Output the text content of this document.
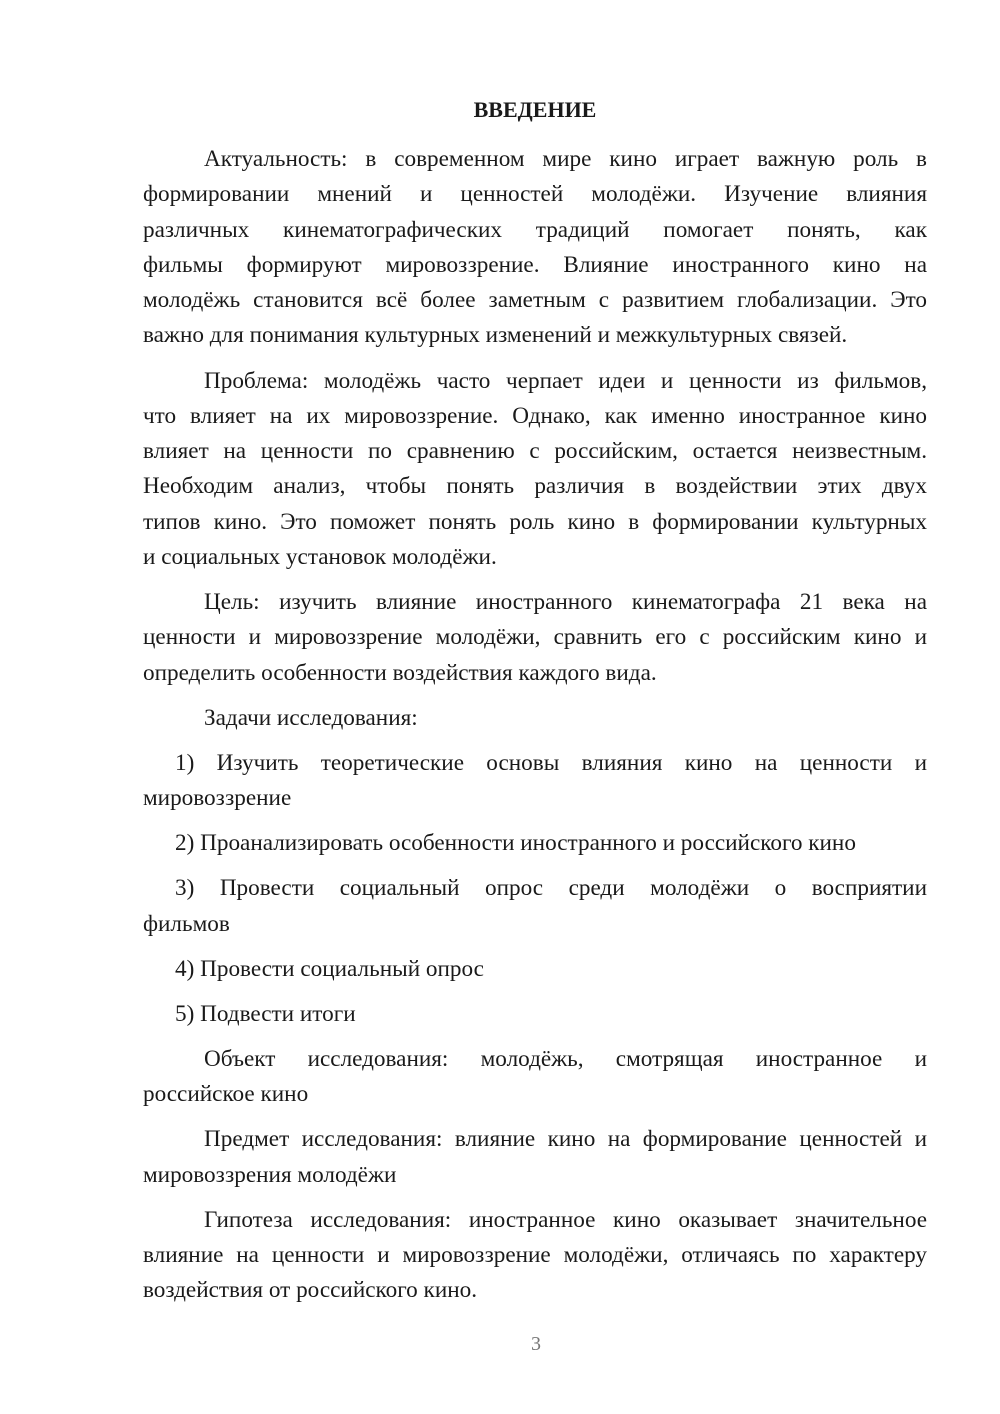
ВВЕДЕНИЕ
Актуальность: в современном мире кино играет важную роль в
формировании мнений и ценностей молодёжи. Изучение влияния
различных кинематографических традиций помогает понять, как
фильмы формируют мировоззрение. Влияние иностранного кино на
молодёжь становится всё более заметным с развитием глобализации. Это
важно для понимания культурных изменений и межкультурных связей.
Проблема: молодёжь часто черпает идеи и ценности из фильмов,
что влияет на их мировоззрение. Однако, как именно иностранное кино
влияет на ценности по сравнению с российским, остается неизвестным.
Необходим анализ, чтобы понять различия в воздействии этих двух
типов кино. Это поможет понять роль кино в формировании культурных
и социальных установок молодёжи.
Цель: изучить влияние иностранного кинематографа 21 века на
ценности и мировоззрение молодёжи, сравнить его с российским кино и
определить особенности воздействия каждого вида.
Задачи исследования:
1) Изучить теоретические основы влияния кино на ценности и
мировоззрение
2) Проанализировать особенности иностранного и российского кино
3) Провести социальный опрос среди молодёжи о восприятии
фильмов
4) Провести социальный опрос
5) Подвести итоги
Объект исследования: молодёжь, смотрящая иностранное и
российское кино
Предмет исследования: влияние кино на формирование ценностей и
мировоззрения молодёжи
Гипотеза исследования: иностранное кино оказывает значительное
влияние на ценности и мировоззрение молодёжи, отличаясь по характеру
воздействия от российского кино.
3
